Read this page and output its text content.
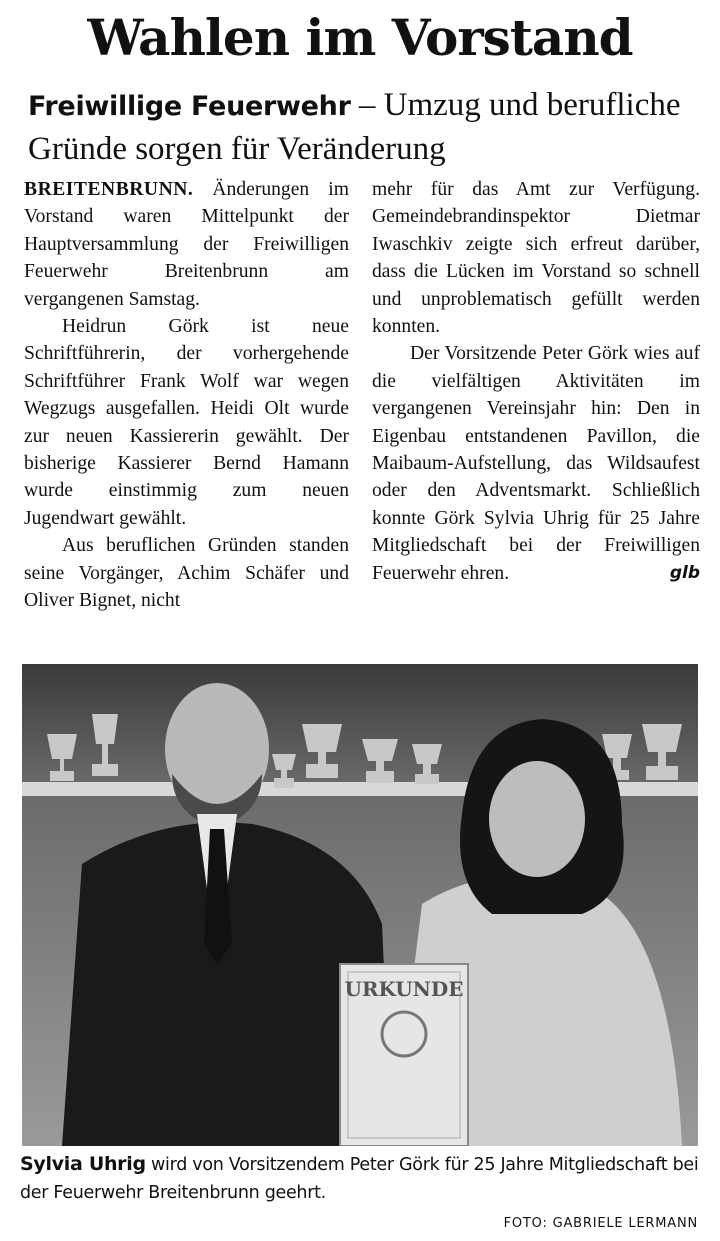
Wahlen im Vorstand
Freiwillige Feuerwehr – Umzug und berufliche Gründe sorgen für Veränderung

BREITENBRUNN. Änderungen im Vorstand waren Mittelpunkt der Hauptversammlung der Freiwilligen Feuerwehr Breitenbrunn am vergangenen Samstag.

Heidrun Görk ist neue Schriftführerin, der vorhergehende Schriftführer Frank Wolf war wegen Wegzugs ausgefallen. Heidi Olt wurde zur neuen Kassiererin gewählt. Der bisherige Kassierer Bernd Hamann wurde einstimmig zum neuen Jugendwart gewählt.

Aus beruflichen Gründen standen seine Vorgänger, Achim Schäfer und Oliver Bignet, nicht

mehr für das Amt zur Verfügung. Gemeindebrandinspektor Dietmar Iwaschkiv zeigte sich erfreut darüber, dass die Lücken im Vorstand so schnell und unproblematisch gefüllt werden konnten.

Der Vorsitzende Peter Görk wies auf die vielfältigen Aktivitäten im vergangenen Vereinsjahr hin: Den in Eigenbau entstandenen Pavillon, die Maibaum-Aufstellung, das Wildsaufest oder den Adventsmarkt. Schließlich konnte Görk Sylvia Uhrig für 25 Jahre Mitgliedschaft bei der Freiwilligen Feuerwehr ehren.	glb

URKUNDE
Sylvia Uhrig wird von Vorsitzendem Peter Görk für 25 Jahre Mitgliedschaft bei der Feuerwehr Breitenbrunn geehrt.
FOTO: GABRIELE LERMANN
